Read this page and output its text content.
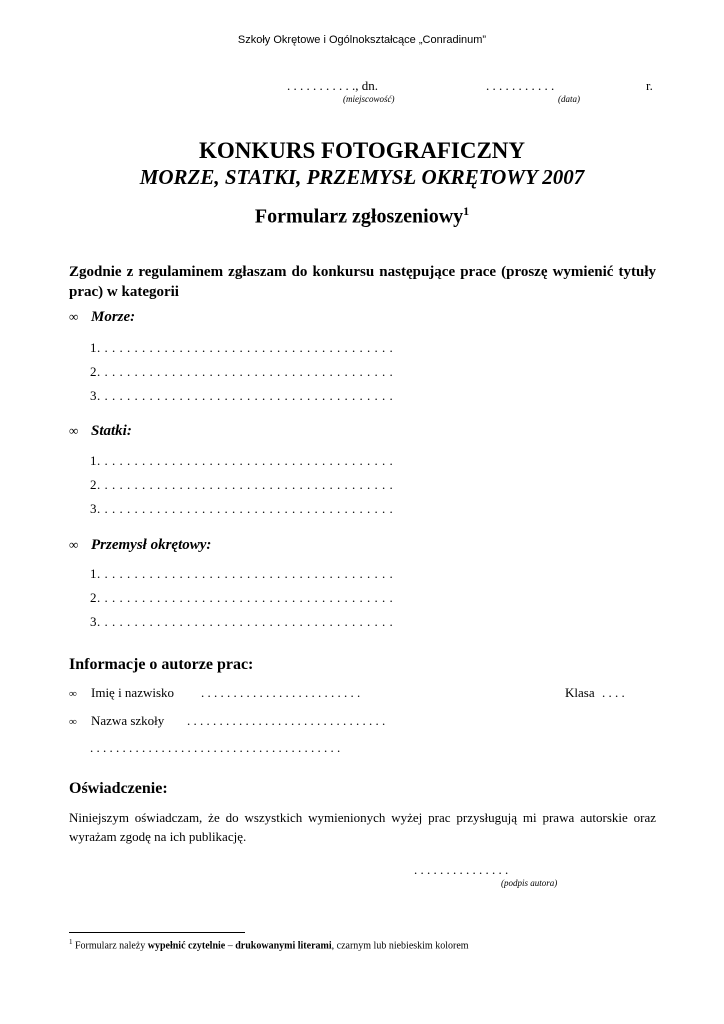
Szkoły Okrętowe i Ogólnokształcące „Conradinum”
. . . . . . . . . . ., dn.	. . . . . . . . . . .	r.
(miejscowość)	(data)
KONKURS FOTOGRAFICZNY
MORZE, STATKI, PRZEMYSŁ OKRĘTOWY 2007
Formularz zgłoszeniowy$^1$
Zgodnie z regulaminem zgłaszam do konkursu następujące prace (proszę wymienić tytuły prac) w kategorii
∞ Morze:
1. . . . . . . . . . . . . . . . . . . . . . . . . . . . . . . . . . . . . . . .
2. . . . . . . . . . . . . . . . . . . . . . . . . . . . . . . . . . . . . . . .
3. . . . . . . . . . . . . . . . . . . . . . . . . . . . . . . . . . . . . . . .
∞ Statki:
1. . . . . . . . . . . . . . . . . . . . . . . . . . . . . . . . . . . . . . . .
2. . . . . . . . . . . . . . . . . . . . . . . . . . . . . . . . . . . . . . . .
3. . . . . . . . . . . . . . . . . . . . . . . . . . . . . . . . . . . . . . . .
∞ Przemysł okrętowy:
1. . . . . . . . . . . . . . . . . . . . . . . . . . . . . . . . . . . . . . . .
2. . . . . . . . . . . . . . . . . . . . . . . . . . . . . . . . . . . . . . . .
3. . . . . . . . . . . . . . . . . . . . . . . . . . . . . . . . . . . . . . . .
Informacje o autorze prac:
∞ Imię i nazwisko . . . . . . . . . . . . . . . . . . . . . . . . .	Klasa . . . .
∞ Nazwa szkoły . . . . . . . . . . . . . . . . . . . . . . . . . . . . . . .
. . . . . . . . . . . . . . . . . . . . . . . . . . . . . . . . . . . . . . .
Oświadczenie:
Niniejszym oświadczam, że do wszystkich wymienionych wyżej prac przysługują mi prawa autorskie oraz wyrażam zgodę na ich publikację.
. . . . . . . . . . . . . . .
(podpis autora)
$^1$ Formularz należy wypełnić czytelnie – drukowanymi literami, czarnym lub niebieskim kolorem
